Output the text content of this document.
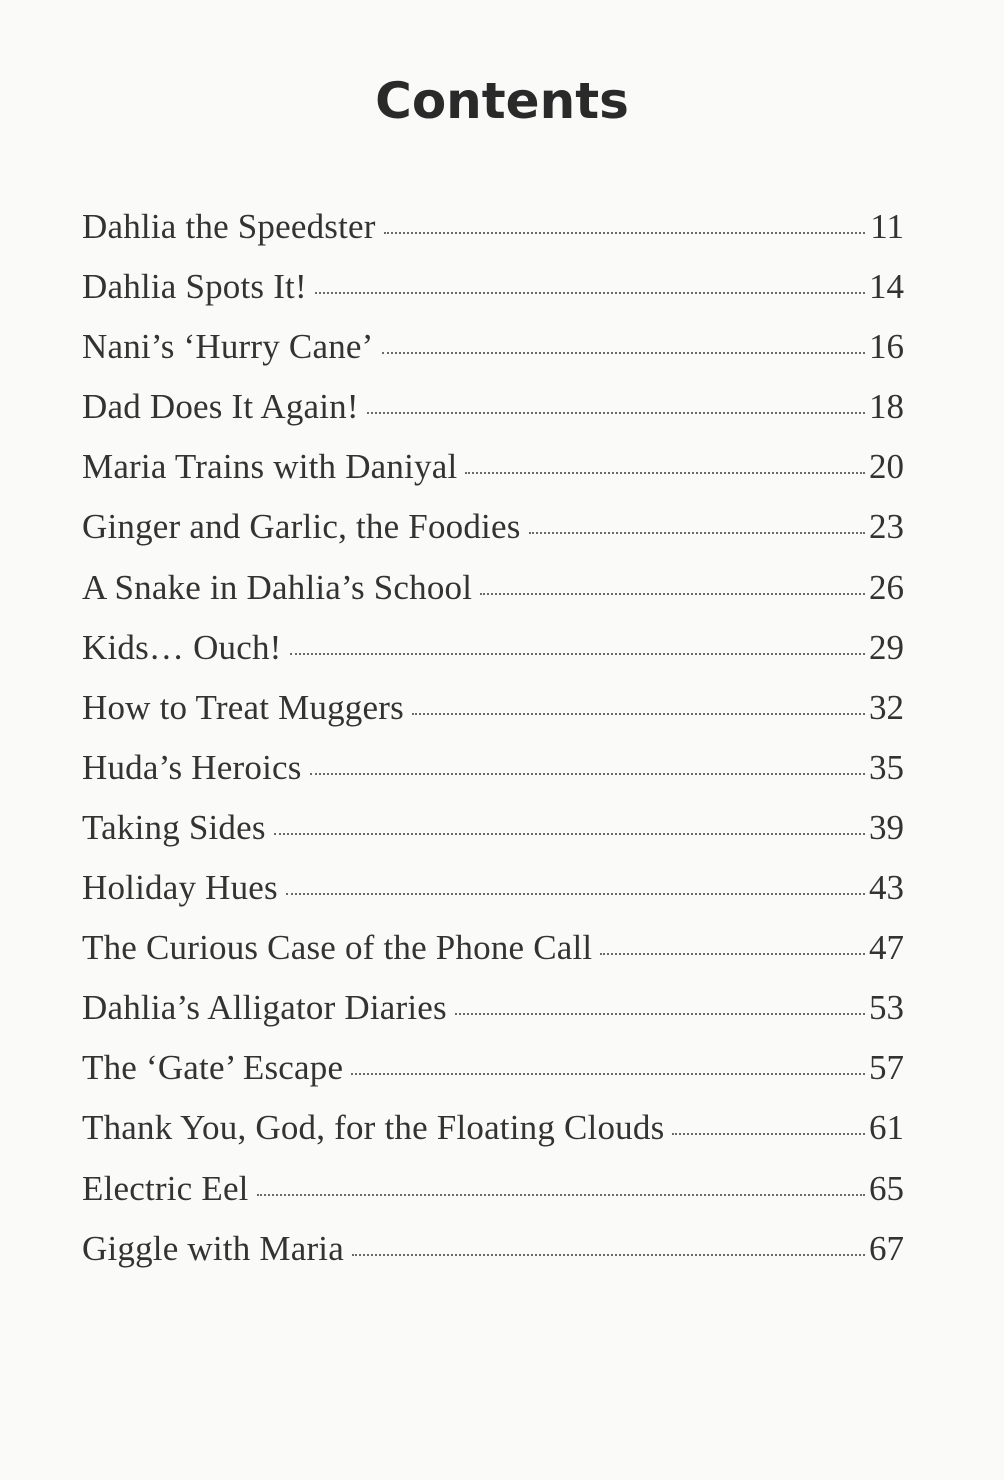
Contents
Dahlia the Speedster	11
Dahlia Spots It!	14
Nani’s ‘Hurry Cane’	16
Dad Does It Again!	18
Maria Trains with Daniyal	20
Ginger and Garlic, the Foodies	23
A Snake in Dahlia’s School	26
Kids… Ouch!	29
How to Treat Muggers	32
Huda’s Heroics	35
Taking Sides	39
Holiday Hues	43
The Curious Case of the Phone Call	47
Dahlia’s Alligator Diaries	53
The ‘Gate’ Escape	57
Thank You, God, for the Floating Clouds	61
Electric Eel	65
Giggle with Maria	67
